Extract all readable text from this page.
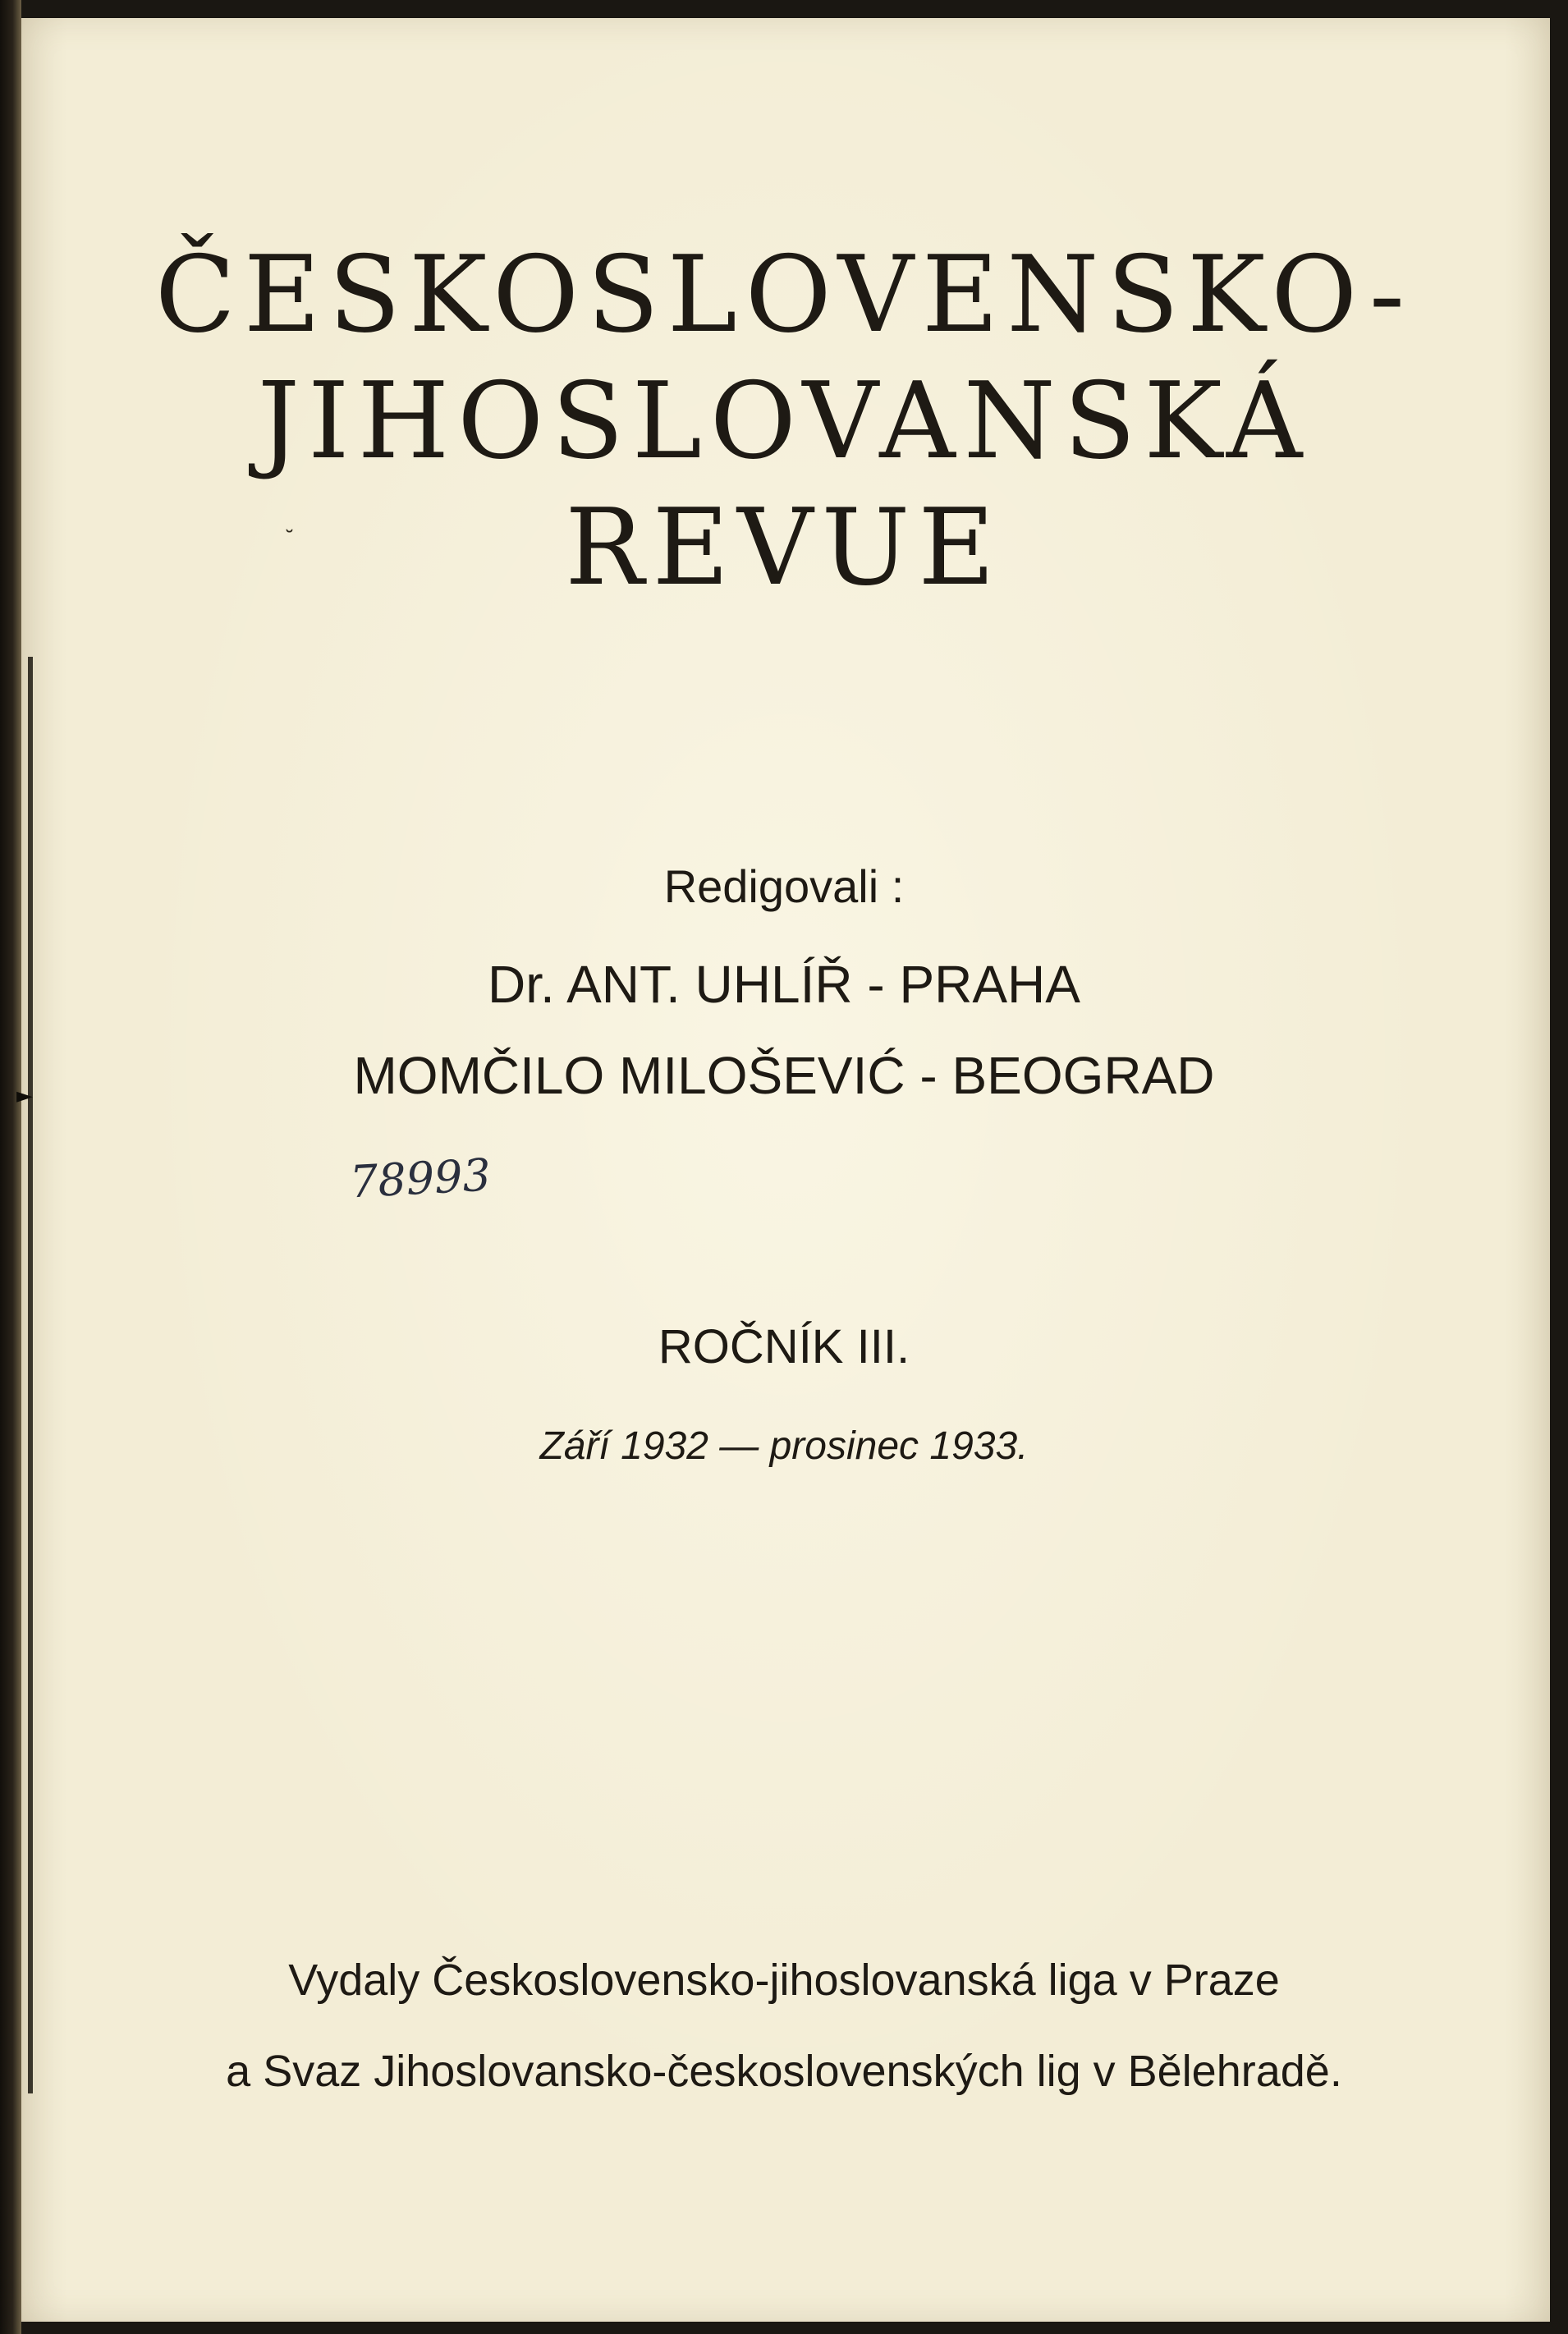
ČESKOSLOVENSKO-
JIHOSLOVANSKÁ
REVUE
˘
Redigovali :
Dr. ANT. UHLÍŘ - PRAHA
MOMČILO MILOŠEVIĆ - BEOGRAD
78993
ROČNÍK III.
Září 1932 — prosinec 1933.
Vydaly Československo-jihoslovanská liga v Praze
a Svaz Jihoslovansko-československých lig v Bělehradě.
►
